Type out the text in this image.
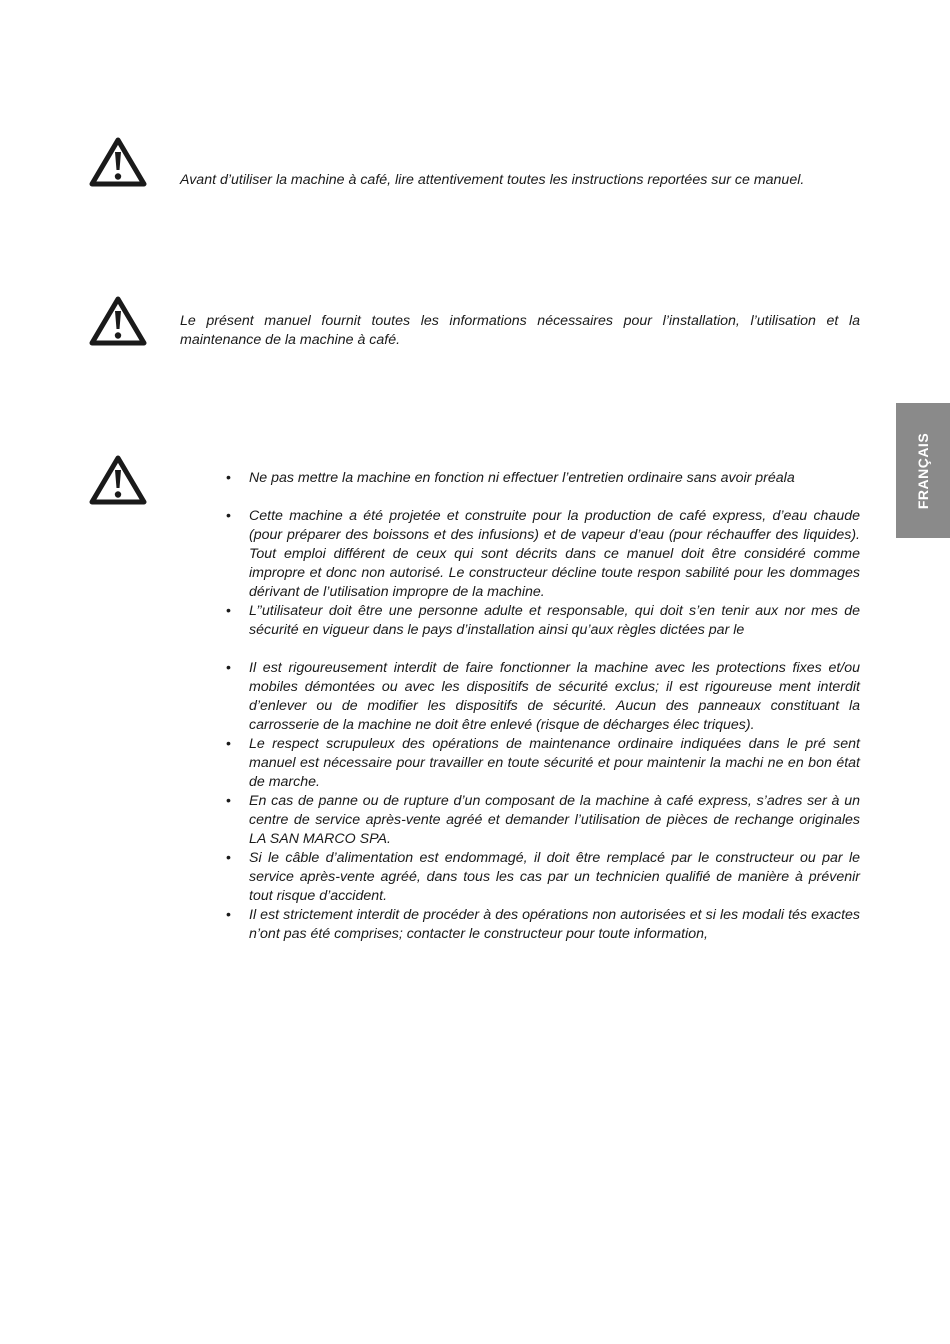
Avant d’utiliser la machine à café, lire attentivement toutes les instructions reportées sur ce manuel.
Le présent manuel fournit toutes les informations nécessaires pour l’installation, l’utilisation et la maintenance de la machine à café.
• Ne pas mettre la machine en fonction ni effectuer l’entretien ordinaire sans avoir préala
• Cette machine a été projetée et construite pour la production de café express, d’eau chaude (pour préparer des boissons et des infusions) et de vapeur d’eau (pour réchauffer des liquides). Tout emploi différent de ceux qui sont décrits dans ce manuel doit être considéré comme impropre et donc non autorisé. Le constructeur décline toute respon sabilité pour les dommages dérivant de l’utilisation impropre de la machine.
• L’’utilisateur doit être une personne adulte et responsable, qui doit s’en tenir aux nor mes de sécurité en vigueur dans le pays d’installation ainsi qu’aux règles dictées par le
• Il est rigoureusement interdit de faire fonctionner la machine avec les protections fixes et/ou mobiles démontées ou avec les dispositifs de sécurité exclus; il est rigoureuse ment interdit d’enlever ou de modifier les dispositifs de sécurité. Aucun des panneaux constituant la carrosserie de la machine ne doit être enlevé (risque de décharges élec triques).
• Le respect scrupuleux des opérations de maintenance ordinaire indiquées dans le pré sent manuel est nécessaire pour travailler en toute sécurité et pour maintenir la machi ne en bon état de marche.
• En cas de panne ou de rupture d’un composant de la machine à café express, s’adres ser à un centre de service après-vente agréé et demander l’utilisation de pièces de rechange originales LA SAN MARCO SPA.
• Si le câble d’alimentation est endommagé, il doit être remplacé par le constructeur ou par le service après-vente agréé, dans tous les cas par un technicien qualifié de manière à prévenir tout risque d’accident.
• Il est strictement interdit de procéder à des opérations non autorisées et si les modali tés exactes n’ont pas été comprises; contacter le constructeur pour toute information,
FRANÇAIS
